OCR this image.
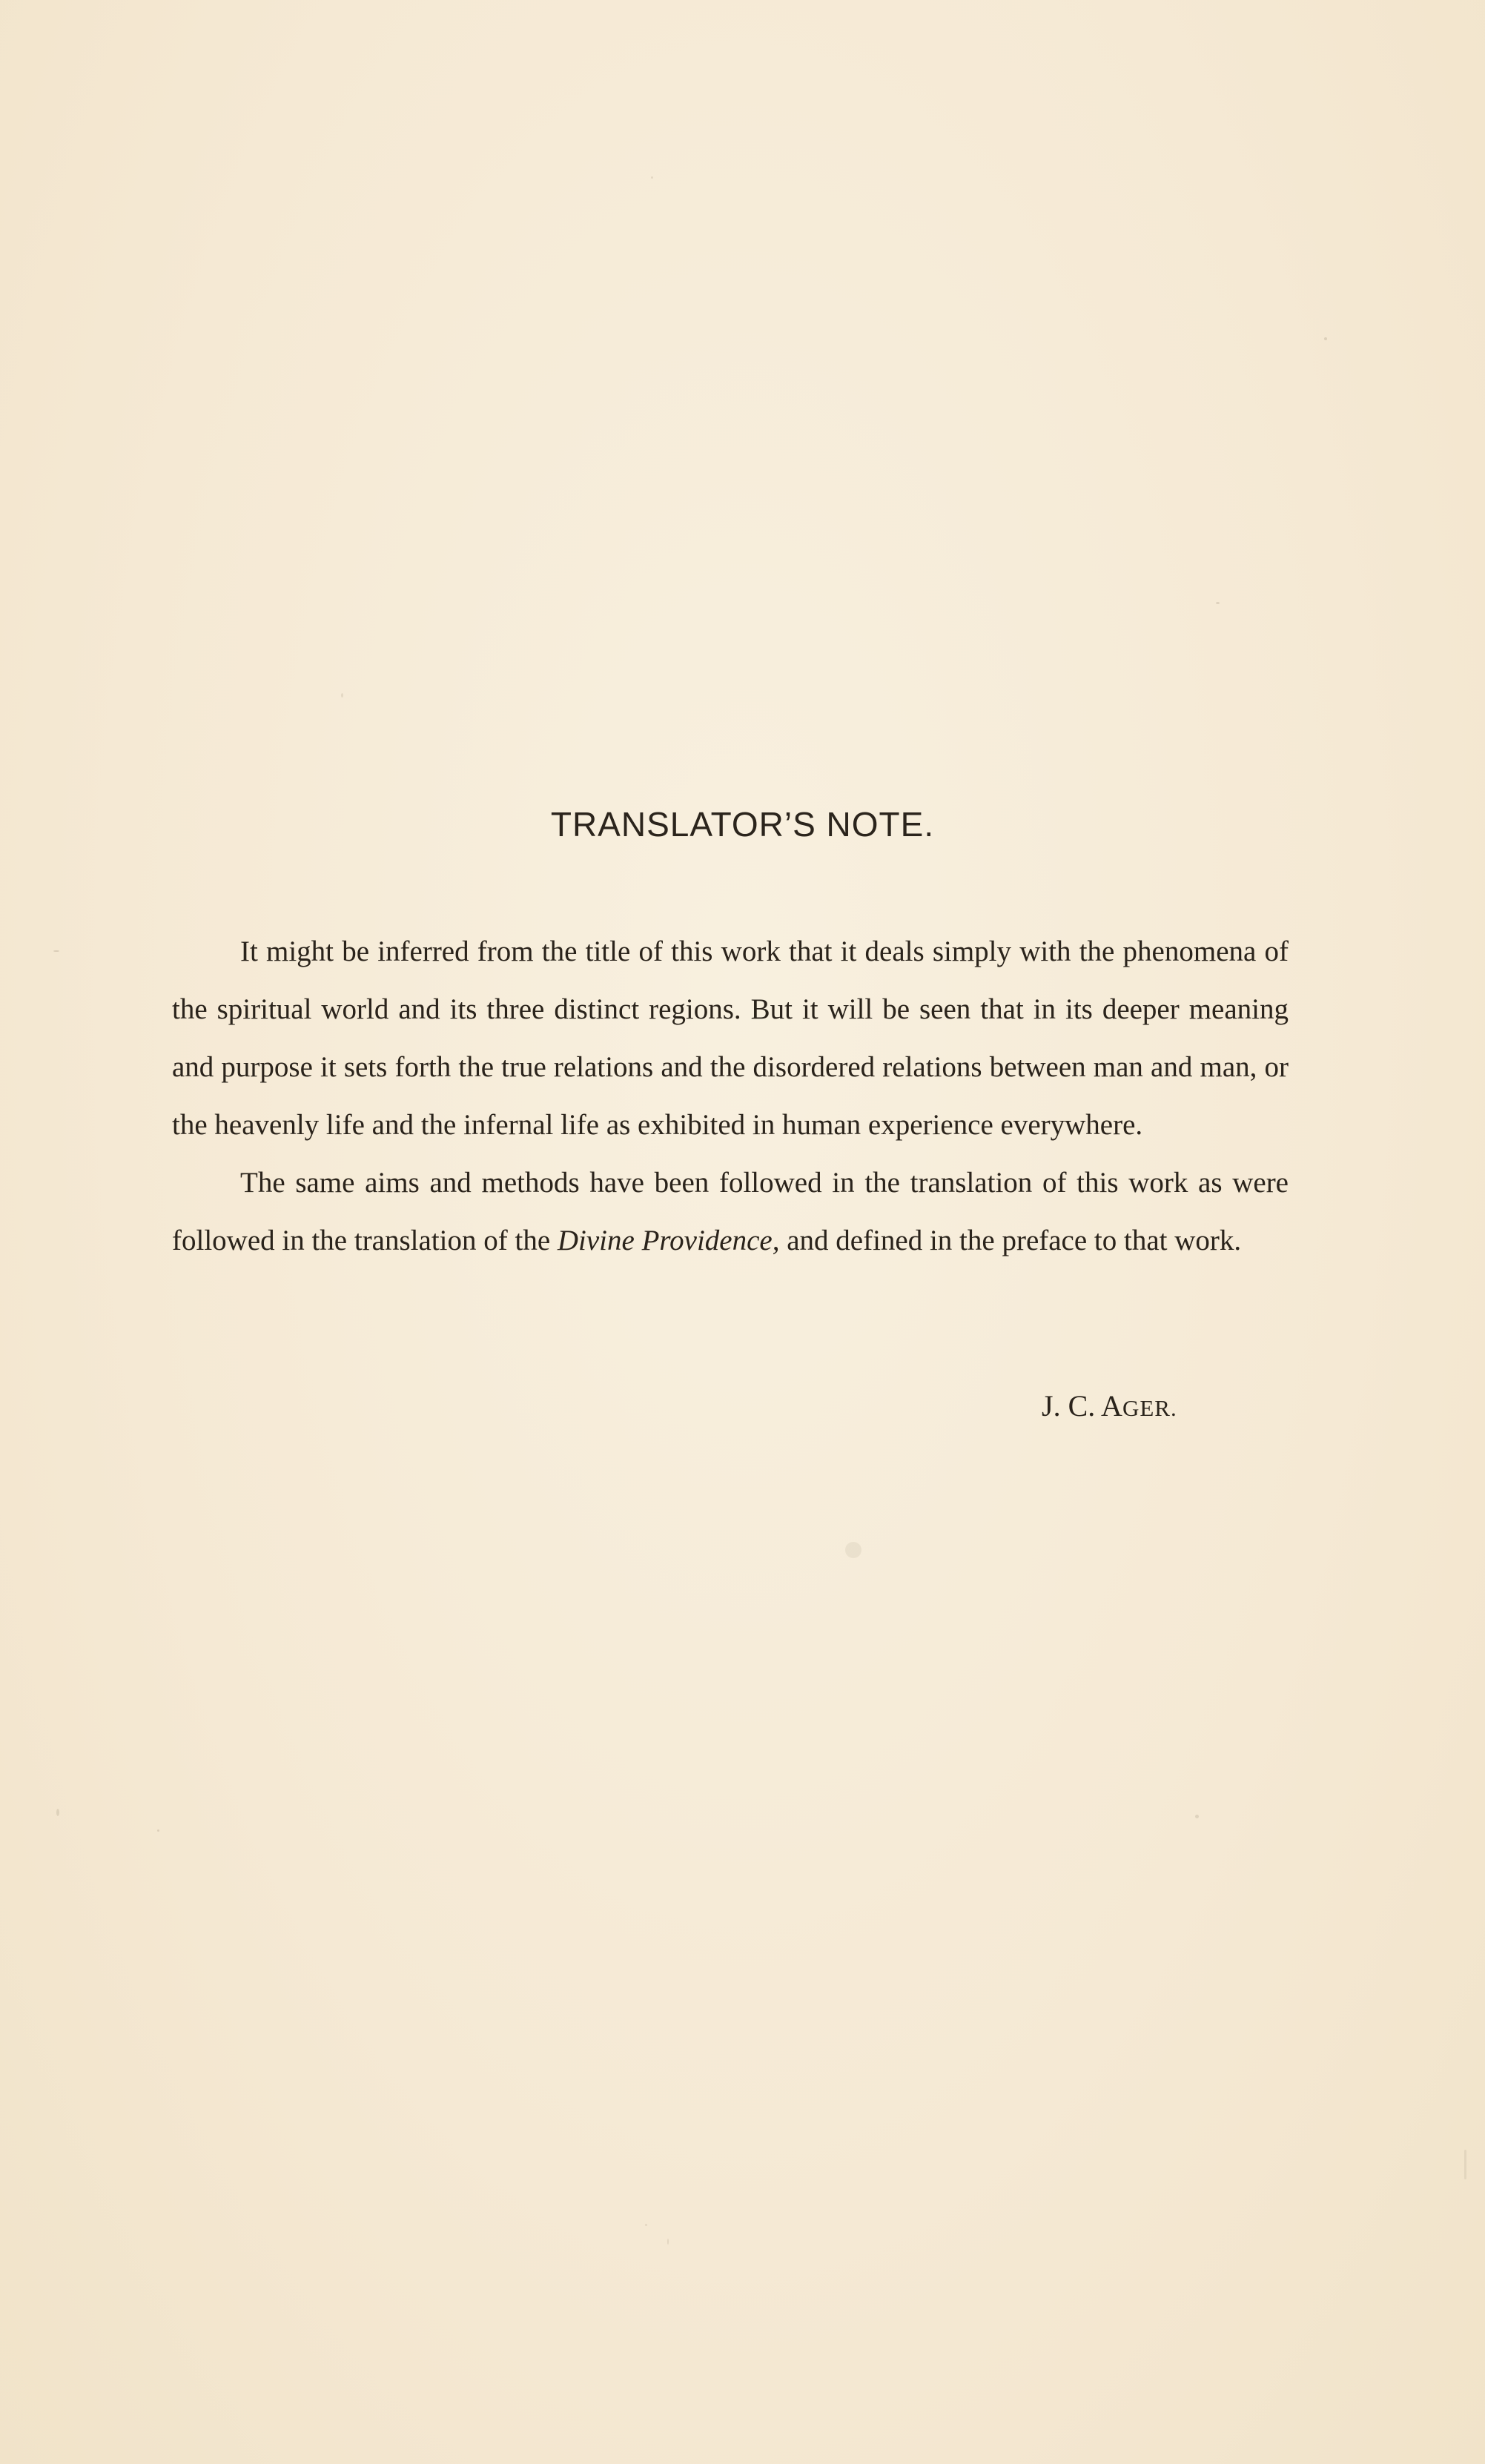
TRANSLATOR’S NOTE.

It might be inferred from the title of this work that it deals simply with the phenomena of the spiritual world and its three distinct regions. But it will be seen that in its deeper meaning and purpose it sets forth the true relations and the disordered relations between man and man, or the heavenly life and the infernal life as exhibited in human experience everywhere.

The same aims and methods have been followed in the translation of this work as were followed in the translation of the Divine Providence, and defined in the preface to that work.

J. C. AGER.
